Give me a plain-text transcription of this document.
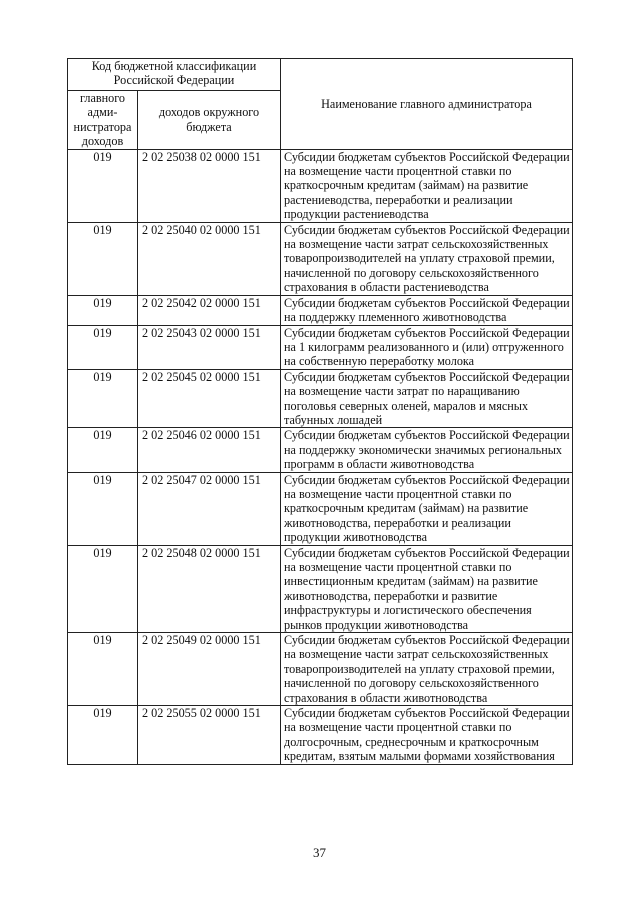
Код бюджетной классификации Российской Федерации		Наименование главного администратора
главного адми-нистратора доходов	доходов окружного бюджета	
019	2 02 25038 02 0000 151	Субсидии бюджетам субъектов Российской Федерации на возмещение части процентной ставки по краткосрочным кредитам (займам) на развитие растениеводства, переработки и реализации продукции растениеводства
019	2 02 25040 02 0000 151	Субсидии бюджетам субъектов Российской Федерации на возмещение части затрат сельскохозяйственных товаропроизводителей на уплату страховой премии, начисленной по договору сельскохозяйственного страхования в области растениеводства
019	2 02 25042 02 0000 151	Субсидии бюджетам субъектов Российской Федерации на поддержку племенного животноводства
019	2 02 25043 02 0000 151	Субсидии бюджетам субъектов Российской Федерации на 1 килограмм реализованного и (или) отгруженного на собственную переработку молока
019	2 02 25045 02 0000 151	Субсидии бюджетам субъектов Российской Федерации на возмещение части затрат по наращиванию поголовья северных оленей, маралов и мясных табунных лошадей
019	2 02 25046 02 0000 151	Субсидии бюджетам субъектов Российской Федерации на поддержку экономически значимых региональных программ в области животноводства
019	2 02 25047 02 0000 151	Субсидии бюджетам субъектов Российской Федерации на возмещение части процентной ставки по краткосрочным кредитам (займам) на развитие животноводства, переработки и реализации продукции животноводства
019	2 02 25048 02 0000 151	Субсидии бюджетам субъектов Российской Федерации на возмещение части процентной ставки по инвестиционным кредитам (займам) на развитие животноводства, переработки и развитие инфраструктуры и логистического обеспечения рынков продукции животноводства
019	2 02 25049 02 0000 151	Субсидии бюджетам субъектов Российской Федерации на возмещение части затрат сельскохозяйственных товаропроизводителей на уплату страховой премии, начисленной по договору сельскохозяйственного страхования в области животноводства
019	2 02 25055 02 0000 151	Субсидии бюджетам субъектов Российской Федерации на возмещение части процентной ставки по долгосрочным, среднесрочным и краткосрочным кредитам, взятым малыми формами хозяйствования
37
